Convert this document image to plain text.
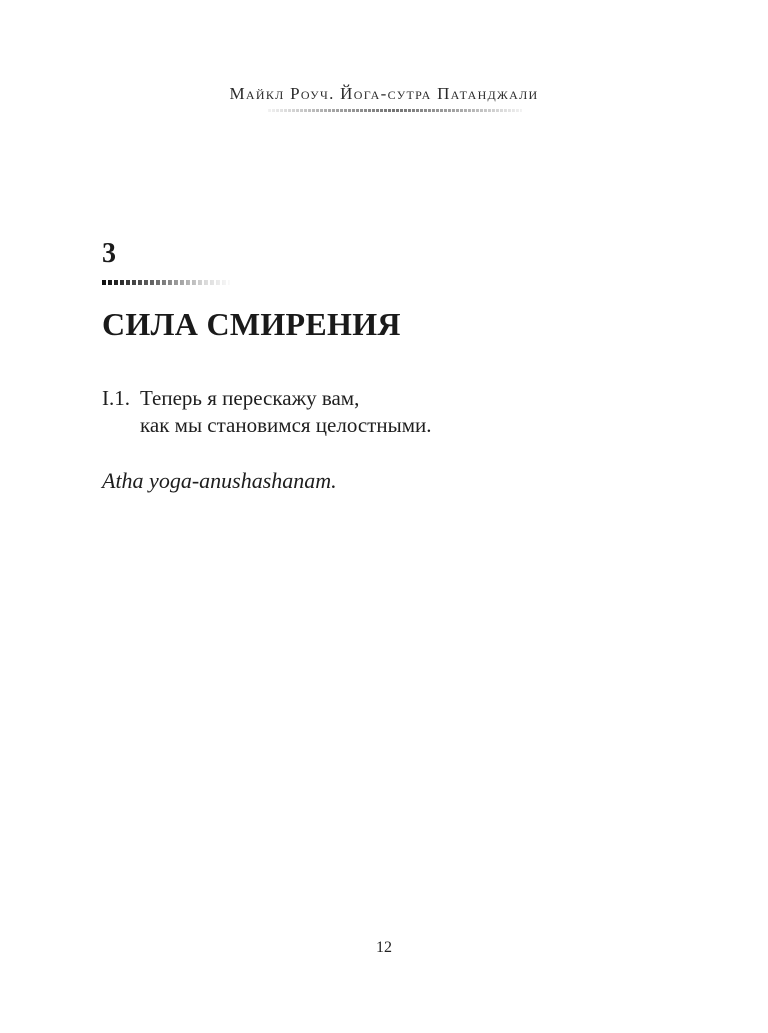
Майкл Роуч. Йога-сутра Патанджали
3
СИЛА СМИРЕНИЯ
I.1. Теперь я перескажу вам,
как мы становимся целостными.
Atha yoga-anushashanam.
12
